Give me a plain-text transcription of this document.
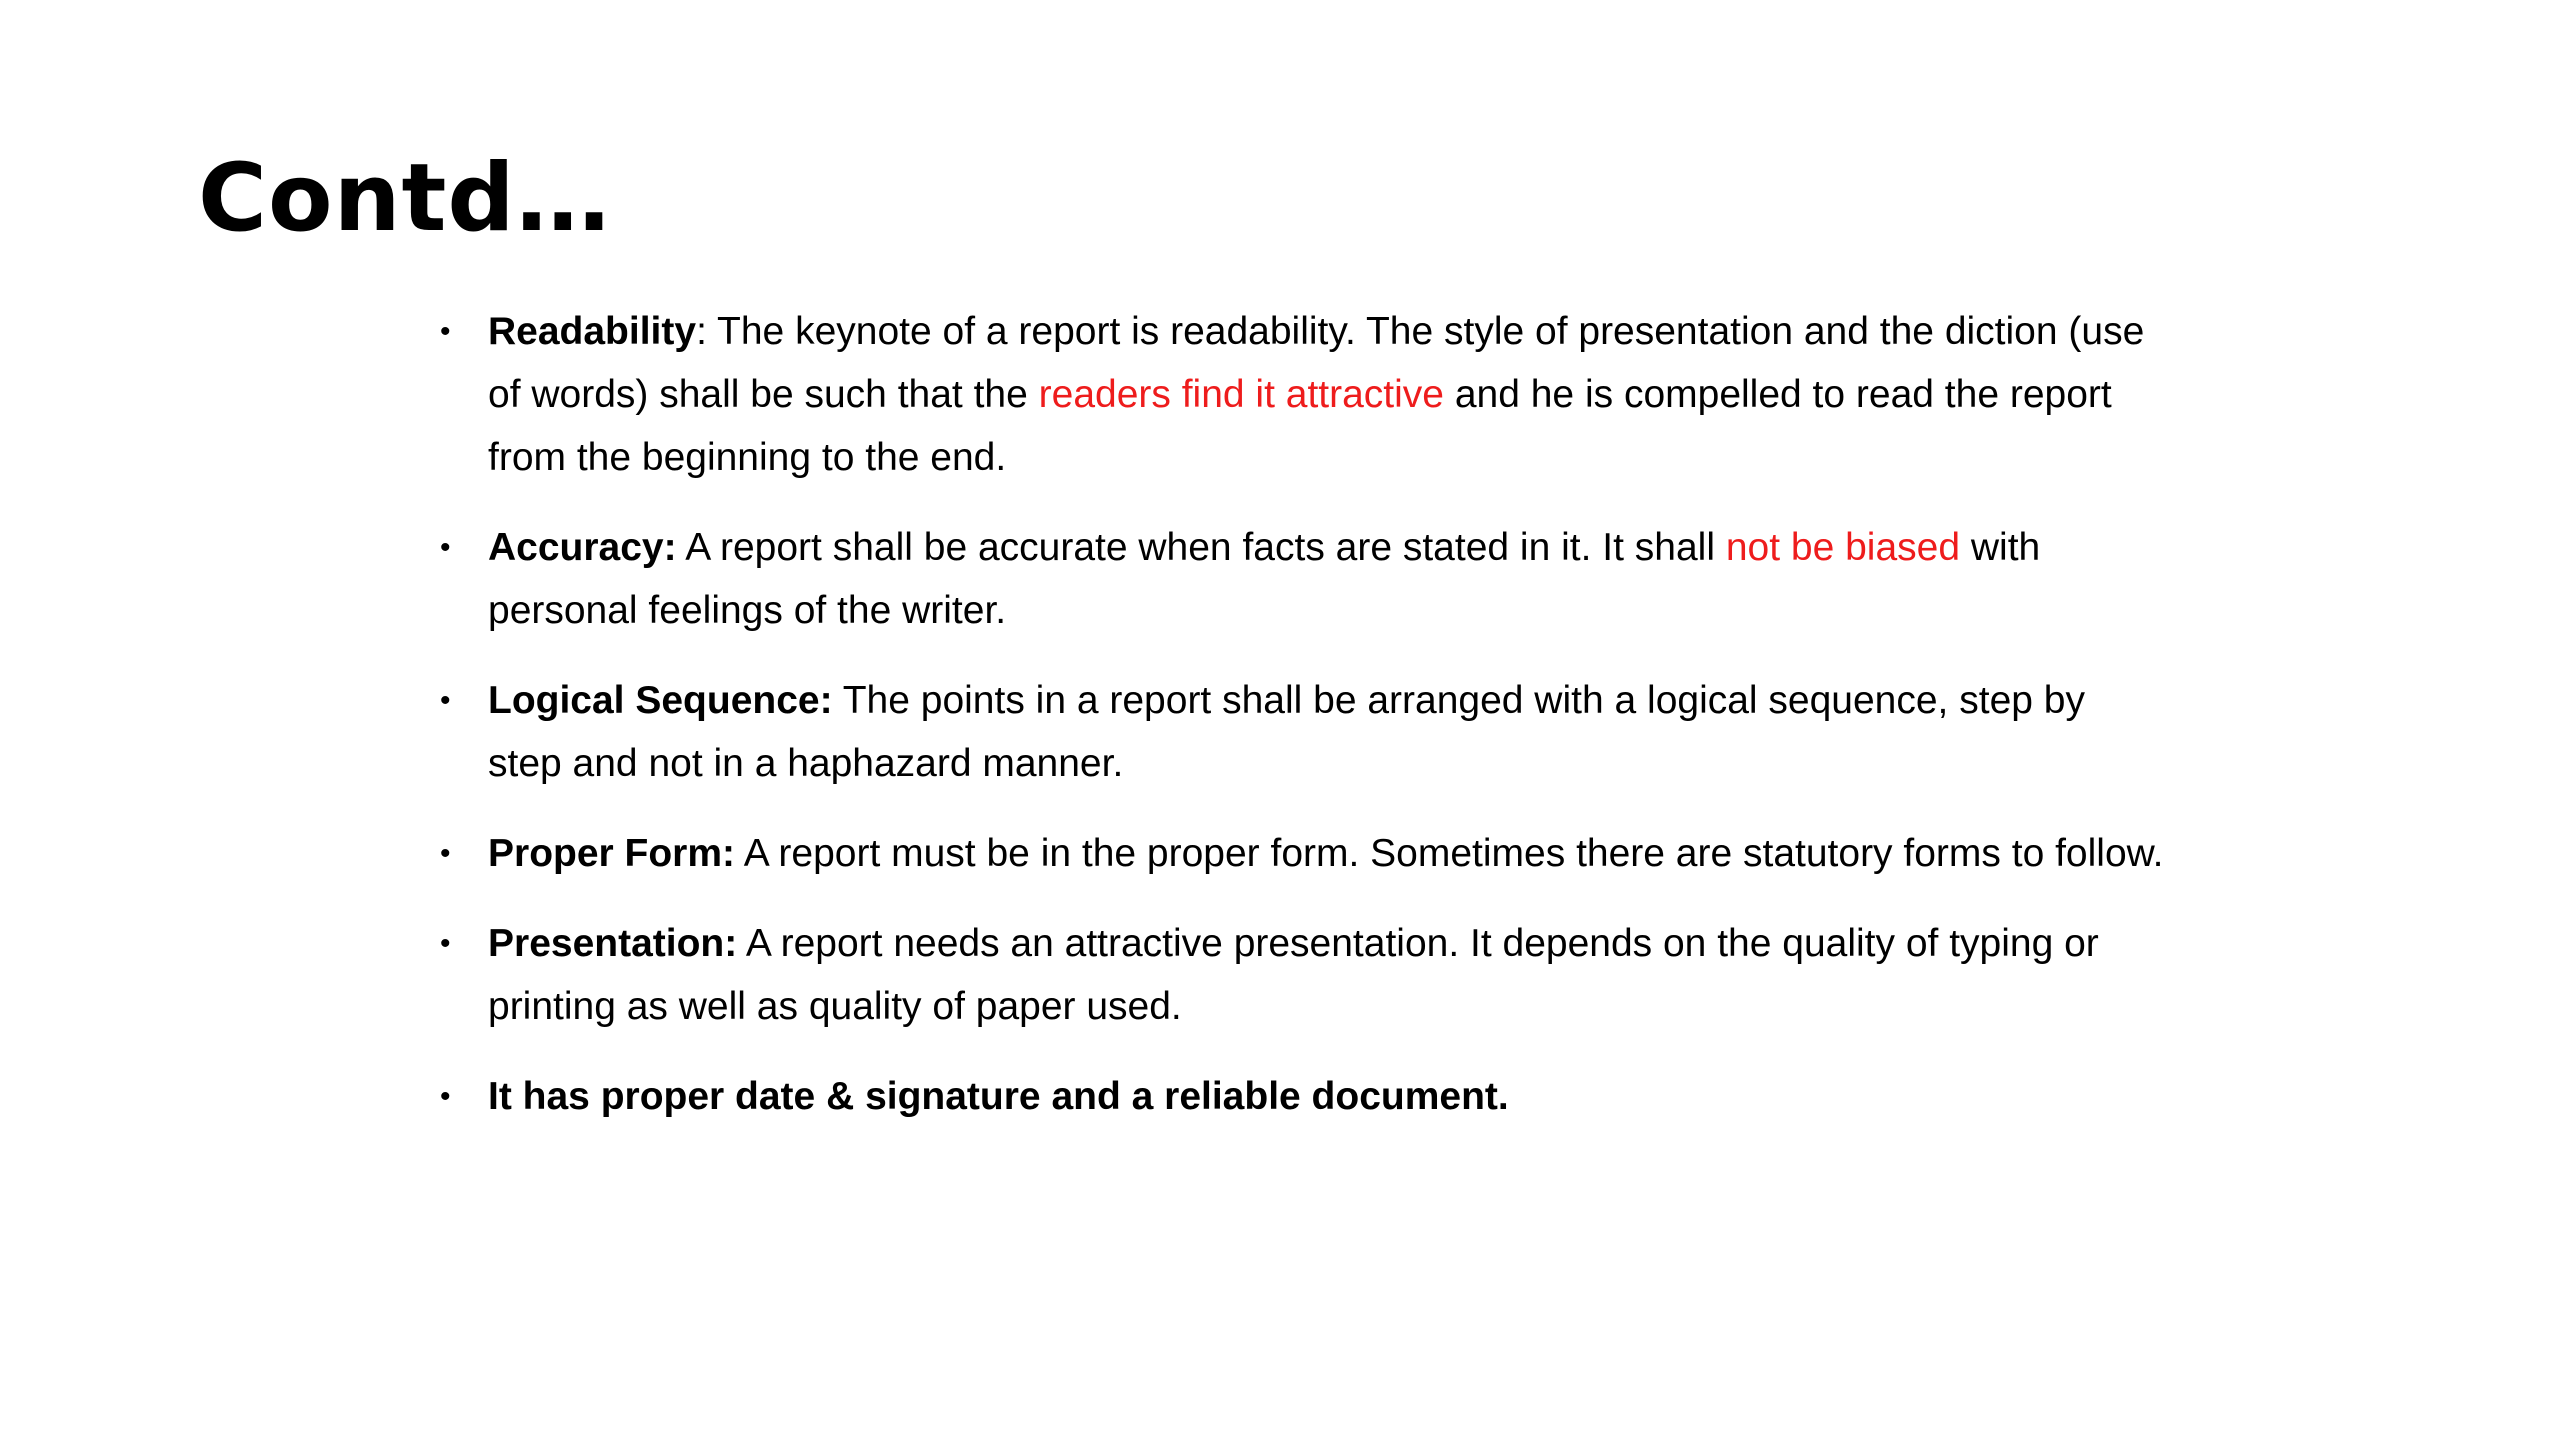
Contd…
• Readability: The keynote of a report is readability. The style of presentation and the diction (use of words) shall be such that the readers find it attractive and he is compelled to read the report from the beginning to the end.
• Accuracy: A report shall be accurate when facts are stated in it. It shall not be biased with personal feelings of the writer.
• Logical Sequence: The points in a report shall be arranged with a logical sequence, step by step and not in a haphazard manner.
• Proper Form: A report must be in the proper form. Sometimes there are statutory forms to follow.
• Presentation: A report needs an attractive presentation. It depends on the quality of typing or printing as well as quality of paper used.
• It has proper date & signature and a reliable document.
